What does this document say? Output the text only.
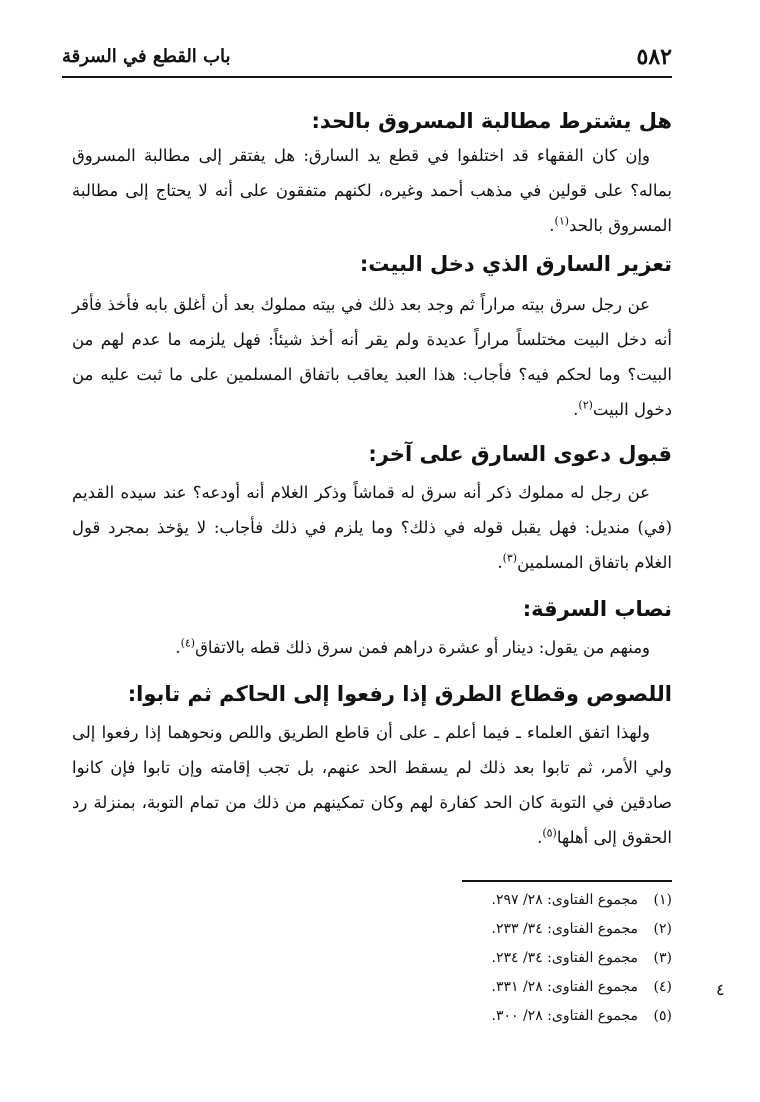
٥٨٢
باب القطع في السرقة
هل يشترط مطالبة المسروق بالحد:

وإن كان الفقهاء قد اختلفوا في قطع يد السارق: هل يفتقر إلى مطالبة المسروق بماله؟ على قولين في مذهب أحمد وغيره، لكنهم متفقون على أنه لا يحتاج إلى مطالبة المسروق بالحد$^{(١)}$.

تعزير السارق الذي دخل البيت:

عن رجل سرق بيته مراراً ثم وجد بعد ذلك في بيته مملوك بعد أن أغلق بابه فأخذ فأقر أنه دخل البيت مختلساً مراراً عديدة ولم يقر أنه أخذ شيئاً: فهل يلزمه ما عدم لهم من البيت؟ وما لحكم فيه؟ فأجاب: هذا العبد يعاقب باتفاق المسلمين على ما ثبت عليه من دخول البيت$^{(٢)}$.

قبول دعوى السارق على آخر:

عن رجل له مملوك ذكر أنه سرق له قماشاً وذكر الغلام أنه أودعه؟ عند سيده القديم (في) منديل: فهل يقبل قوله في ذلك؟ وما يلزم في ذلك فأجاب: لا يؤخذ بمجرد قول الغلام باتفاق المسلمين$^{(٣)}$.

نصاب السرقة:

ومنهم من يقول: دينار أو عشرة دراهم فمن سرق ذلك قطه بالاتفاق$^{(٤)}$.

اللصوص وقطاع الطرق إذا رفعوا إلى الحاكم ثم تابوا:

ولهذا اتفق العلماء ـ فيما أعلم ـ على أن قاطع الطريق واللص ونحوهما إذا رفعوا إلى ولي الأمر، ثم تابوا بعد ذلك لم يسقط الحد عنهم، بل تجب إقامته وإن تابوا فإن كانوا صادقين في التوبة كان الحد كفارة لهم وكان تمكينهم من ذلك من تمام التوبة، بمنزلة رد الحقوق إلى أهلها$^{(٥)}$.

(١)مجموع الفتاوى: ٢٨/ ٢٩٧.
(٢)مجموع الفتاوى: ٣٤/ ٢٣٣.
(٣)مجموع الفتاوى: ٣٤/ ٢٣٤.
(٤)مجموع الفتاوى: ٢٨/ ٣٣١.
(٥)مجموع الفتاوى: ٢٨/ ٣٠٠.
٤
